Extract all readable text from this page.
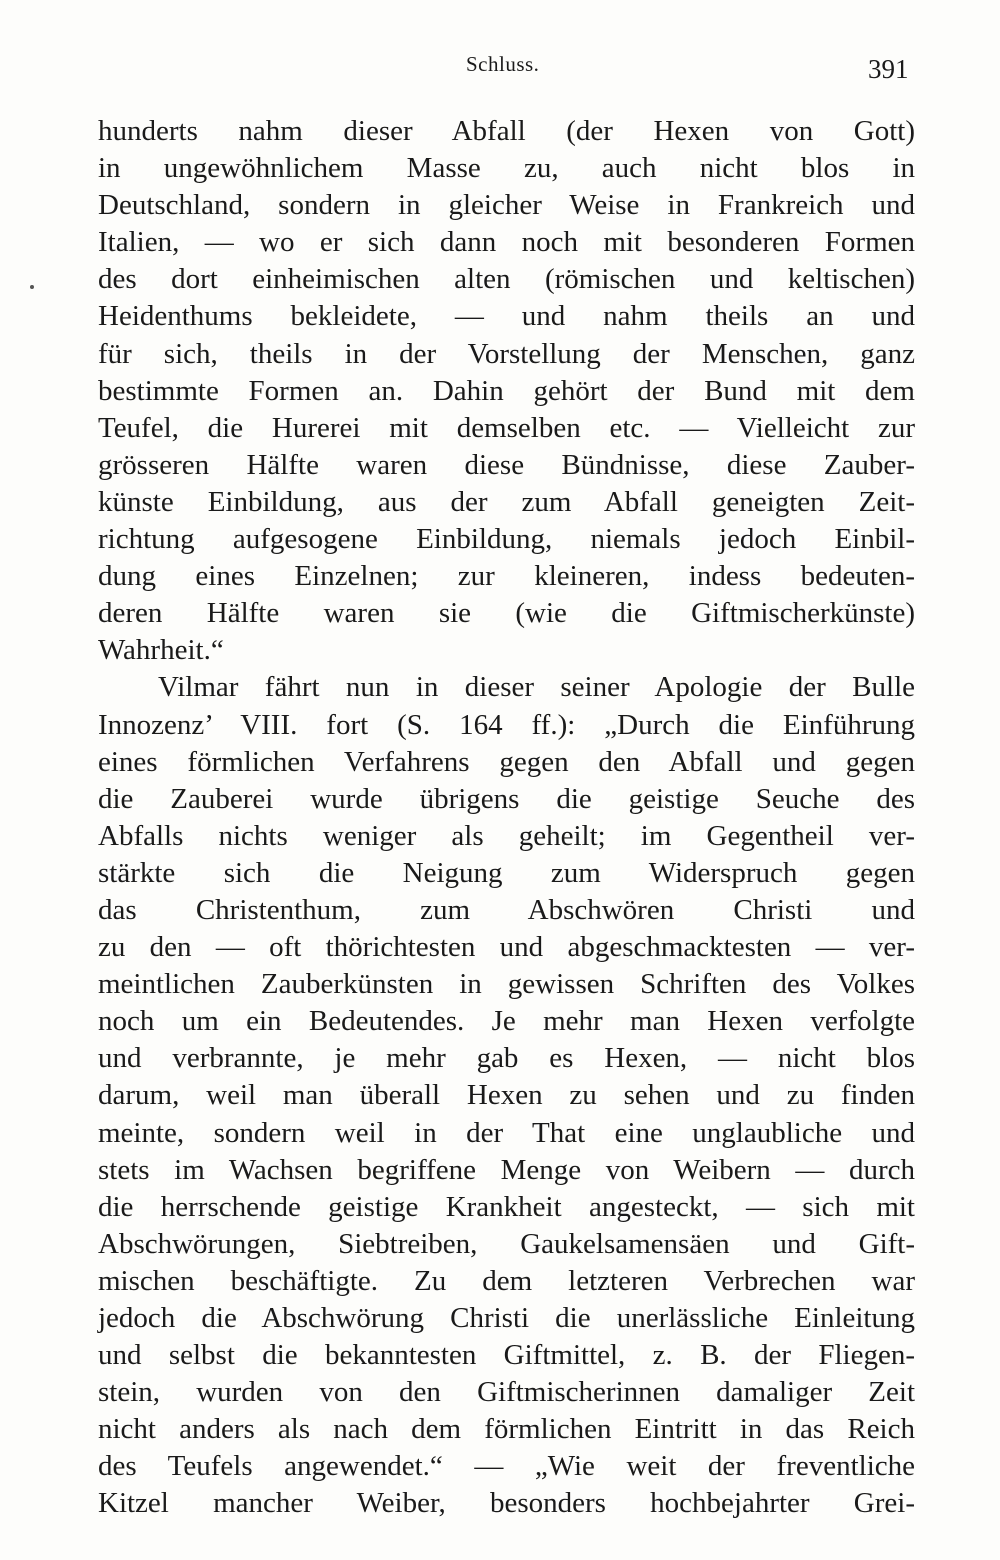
Schluss.	391
hunderts nahm dieser Abfall (der Hexen von Gott)
in ungewöhnlichem Masse zu, auch nicht blos in
Deutschland, sondern in gleicher Weise in Frankreich und
Italien, — wo er sich dann noch mit besonderen Formen
des dort einheimischen alten (römischen und keltischen)
Heidenthums bekleidete, — und nahm theils an und
für sich, theils in der Vorstellung der Menschen, ganz
bestimmte Formen an. Dahin gehört der Bund mit dem
Teufel, die Hurerei mit demselben etc. — Vielleicht zur
grösseren Hälfte waren diese Bündnisse, diese Zauber-
künste Einbildung, aus der zum Abfall geneigten Zeit-
richtung aufgesogene Einbildung, niemals jedoch Einbil-
dung eines Einzelnen; zur kleineren, indess bedeuten-
deren Hälfte waren sie (wie die Giftmischerkünste)
Wahrheit.“
Vilmar fährt nun in dieser seiner Apologie der Bulle
Innozenz’ VIII. fort (S. 164 ff.): „Durch die Einführung
eines förmlichen Verfahrens gegen den Abfall und gegen
die Zauberei wurde übrigens die geistige Seuche des
Abfalls nichts weniger als geheilt; im Gegentheil ver-
stärkte sich die Neigung zum Widerspruch gegen
das Christenthum, zum Abschwören Christi und
zu den — oft thörichtesten und abgeschmacktesten — ver-
meintlichen Zauberkünsten in gewissen Schriften des Volkes
noch um ein Bedeutendes. Je mehr man Hexen verfolgte
und verbrannte, je mehr gab es Hexen, — nicht blos
darum, weil man überall Hexen zu sehen und zu finden
meinte, sondern weil in der That eine unglaubliche und
stets im Wachsen begriffene Menge von Weibern — durch
die herrschende geistige Krankheit angesteckt, — sich mit
Abschwörungen, Siebtreiben, Gaukelsamensäen und Gift-
mischen beschäftigte. Zu dem letzteren Verbrechen war
jedoch die Abschwörung Christi die unerlässliche Einleitung
und selbst die bekanntesten Giftmittel, z. B. der Fliegen-
stein, wurden von den Giftmischerinnen damaliger Zeit
nicht anders als nach dem förmlichen Eintritt in das Reich
des Teufels angewendet.“ — „Wie weit der freventliche
Kitzel mancher Weiber, besonders hochbejahrter Grei-
